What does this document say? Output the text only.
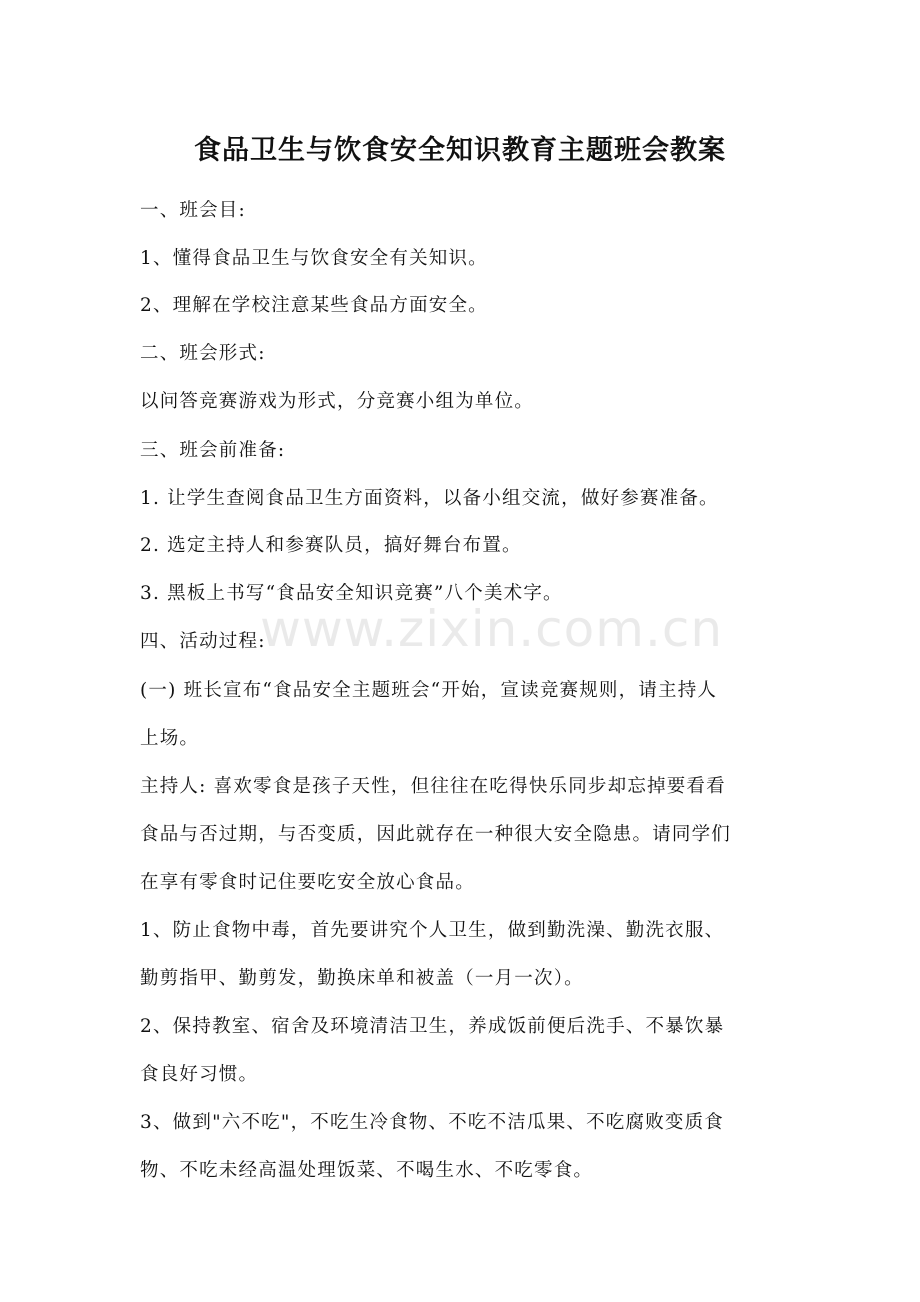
食品卫生与饮食安全知识教育主题班会教案
一、班会目:
1、懂得食品卫生与饮食安全有关知识。
2、理解在学校注意某些食品方面安全。
二、班会形式:
以问答竞赛游戏为形式，分竞赛小组为单位。
三、班会前准备:
1. 让学生查阅食品卫生方面资料，以备小组交流，做好参赛准备。
2. 选定主持人和参赛队员，搞好舞台布置。
3. 黑板上书写“食品安全知识竞赛”八个美术字。
四、活动过程:
(一) 班长宣布“食品安全主题班会“开始，宣读竞赛规则，请主持人
上场。
主持人: 喜欢零食是孩子天性，但往往在吃得快乐同步却忘掉要看看
食品与否过期，与否变质，因此就存在一种很大安全隐患。请同学们
在享有零食时记住要吃安全放心食品。
1、防止食物中毒，首先要讲究个人卫生，做到勤洗澡、勤洗衣服、
勤剪指甲、勤剪发，勤换床单和被盖（一月一次）。
2、保持教室、宿舍及环境清洁卫生，养成饭前便后洗手、不暴饮暴
食良好习惯。
3、做到"六不吃"，不吃生冷食物、不吃不洁瓜果、不吃腐败变质食
物、不吃未经高温处理饭菜、不喝生水、不吃零食。
www.zixin.com.cn
